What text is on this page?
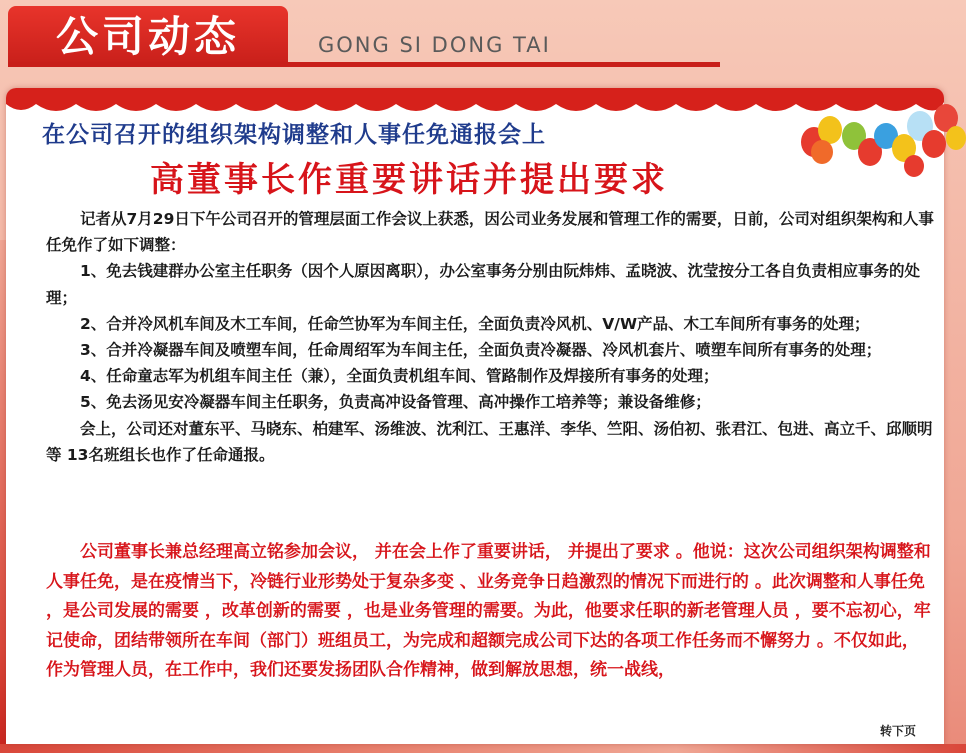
公司动态	GONG SI DONG TAI
在公司召开的组织架构调整和人事任免通报会上
高董事长作重要讲话并提出要求

记者从7月29日下午公司召开的管理层面工作会议上获悉，因公司业务发展和管理工作的需要，日前，公司对组织架构和人事任免作了如下调整：

1、免去钱建群办公室主任职务（因个人原因离职），办公室事务分别由阮炜炜、孟晓波、沈莹按分工各自负责相应事务的处理；

2、合并冷风机车间及木工车间，任命竺协军为车间主任，全面负责冷风机、V/W产品、木工车间所有事务的处理；

3、合并冷凝器车间及喷塑车间，任命周绍军为车间主任，全面负责冷凝器、冷风机套片、喷塑车间所有事务的处理；

4、任命童志军为机组车间主任（兼），全面负责机组车间、管路制作及焊接所有事务的处理；

5、免去汤见安冷凝器车间主任职务，负责高冲设备管理、高冲操作工培养等；兼设备维修；

会上，公司还对董东平、马晓东、柏建军、汤维波、沈利江、王惠洋、李华、竺阳、汤伯初、张君江、包进、高立千、邱顺明等 13名班组长也作了任命通报。

公司董事长兼总经理高立铭参加会议， 并在会上作了重要讲话， 并提出了要求 。他说：这次公司组织架构调整和人事任免，是在疫情当下，冷链行业形势处于复杂多变 、业务竞争日趋激烈的情况下而进行的 。此次调整和人事任免 ，是公司发展的需要 ，改革创新的需要 ，也是业务管理的需要。为此，他要求任职的新老管理人员 ，要不忘初心，牢记使命，团结带领所在车间（部门）班组员工，为完成和超额完成公司下达的各项工作任务而不懈努力 。不仅如此，作为管理人员，在工作中，我们还要发扬团队合作精神，做到解放思想，统一战线，

转下页
